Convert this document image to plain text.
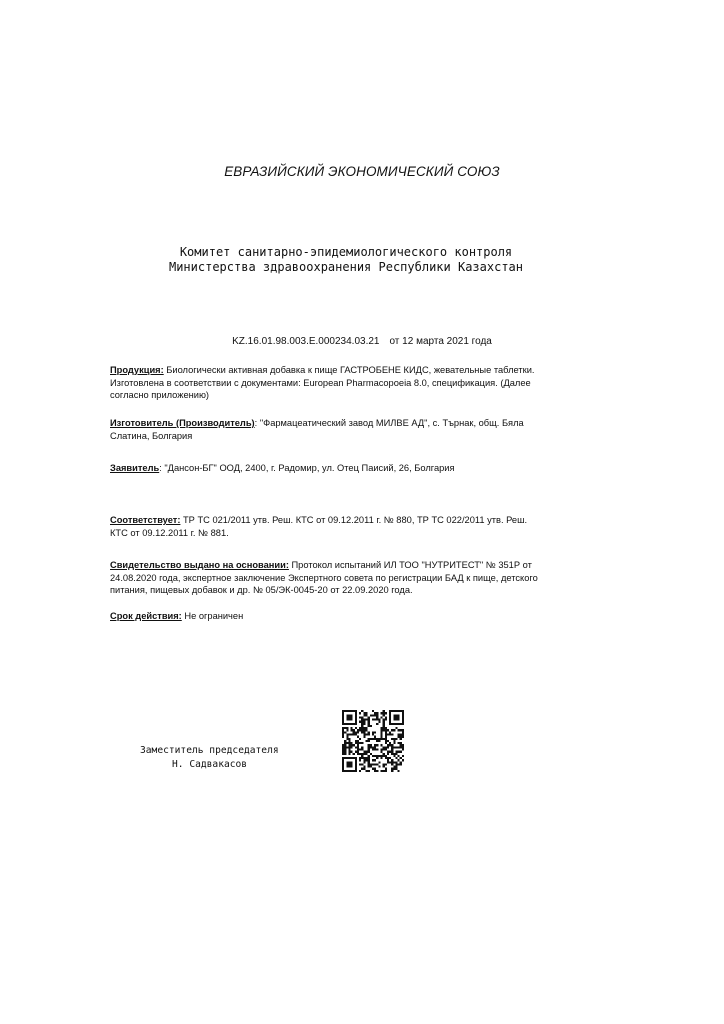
ЕВРАЗИЙСКИЙ ЭКОНОМИЧЕСКИЙ СОЮЗ
Комитет санитарно-эпидемиологического контроля
Министерства здравоохранения Республики Казахстан
KZ.16.01.98.003.E.000234.03.21 от 12 марта 2021 года
Продукция: Биологически активная добавка к пище ГАСТРОБЕНЕ КИДС, жевательные таблетки. Изготовлена в соответствии с документами: European Pharmacopoeia 8.0, спецификация. (Далее согласно приложению)
Изготовитель (Производитель): "Фармацеатический завод МИЛВЕ АД", с. Търнак, общ. Бяла Слатина, Болгария
Заявитель: "Дансон-БГ" ООД, 2400, г. Радомир, ул. Отец Паисий, 26, Болгария
Соответствует: ТР ТС 021/2011 утв. Реш. КТС от 09.12.2011 г. № 880, ТР ТС 022/2011 утв. Реш. КТС от 09.12.2011 г. № 881.
Свидетельство выдано на основании: Протокол испытаний ИЛ ТОО "НУТРИТЕСТ" № 351Р от 24.08.2020 года, экспертное заключение Экспертного совета по регистрации БАД к пище, детского питания, пищевых добавок и др. № 05/ЭК-0045-20 от 22.09.2020 года.
Срок действия: Не ограничен
Заместитель председателя
Н. Садвакасов
